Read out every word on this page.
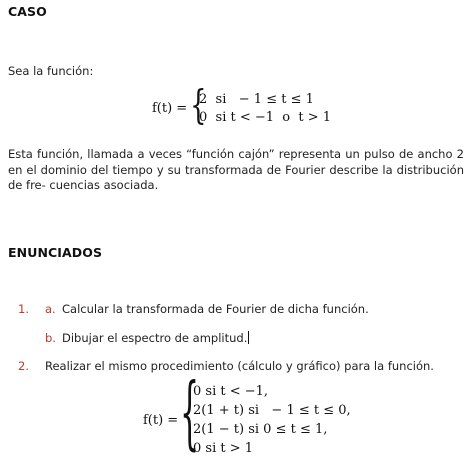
CASO
Sea la función:
f(t) = {
2  si   − 1 ≤ t ≤ 1
0  si t < −1  o  t > 1
Esta función, llamada a veces “función cajón” representa un pulso de ancho 2 en el dominio del tiempo y su transformada de Fourier describe la distribución de fre- cuencias asociada.
ENUNCIADOS
1. a. Calcular la transformada de Fourier de dicha función.
b. Dibujar el espectro de amplitud.
2. Realizar el mismo procedimiento (cálculo y gráfico) para la función.
f(t) = {
0 si t < −1,
2(1 + t) si   − 1 ≤ t ≤ 0,
2(1 − t) si 0 ≤ t ≤ 1,
0 si t > 1
